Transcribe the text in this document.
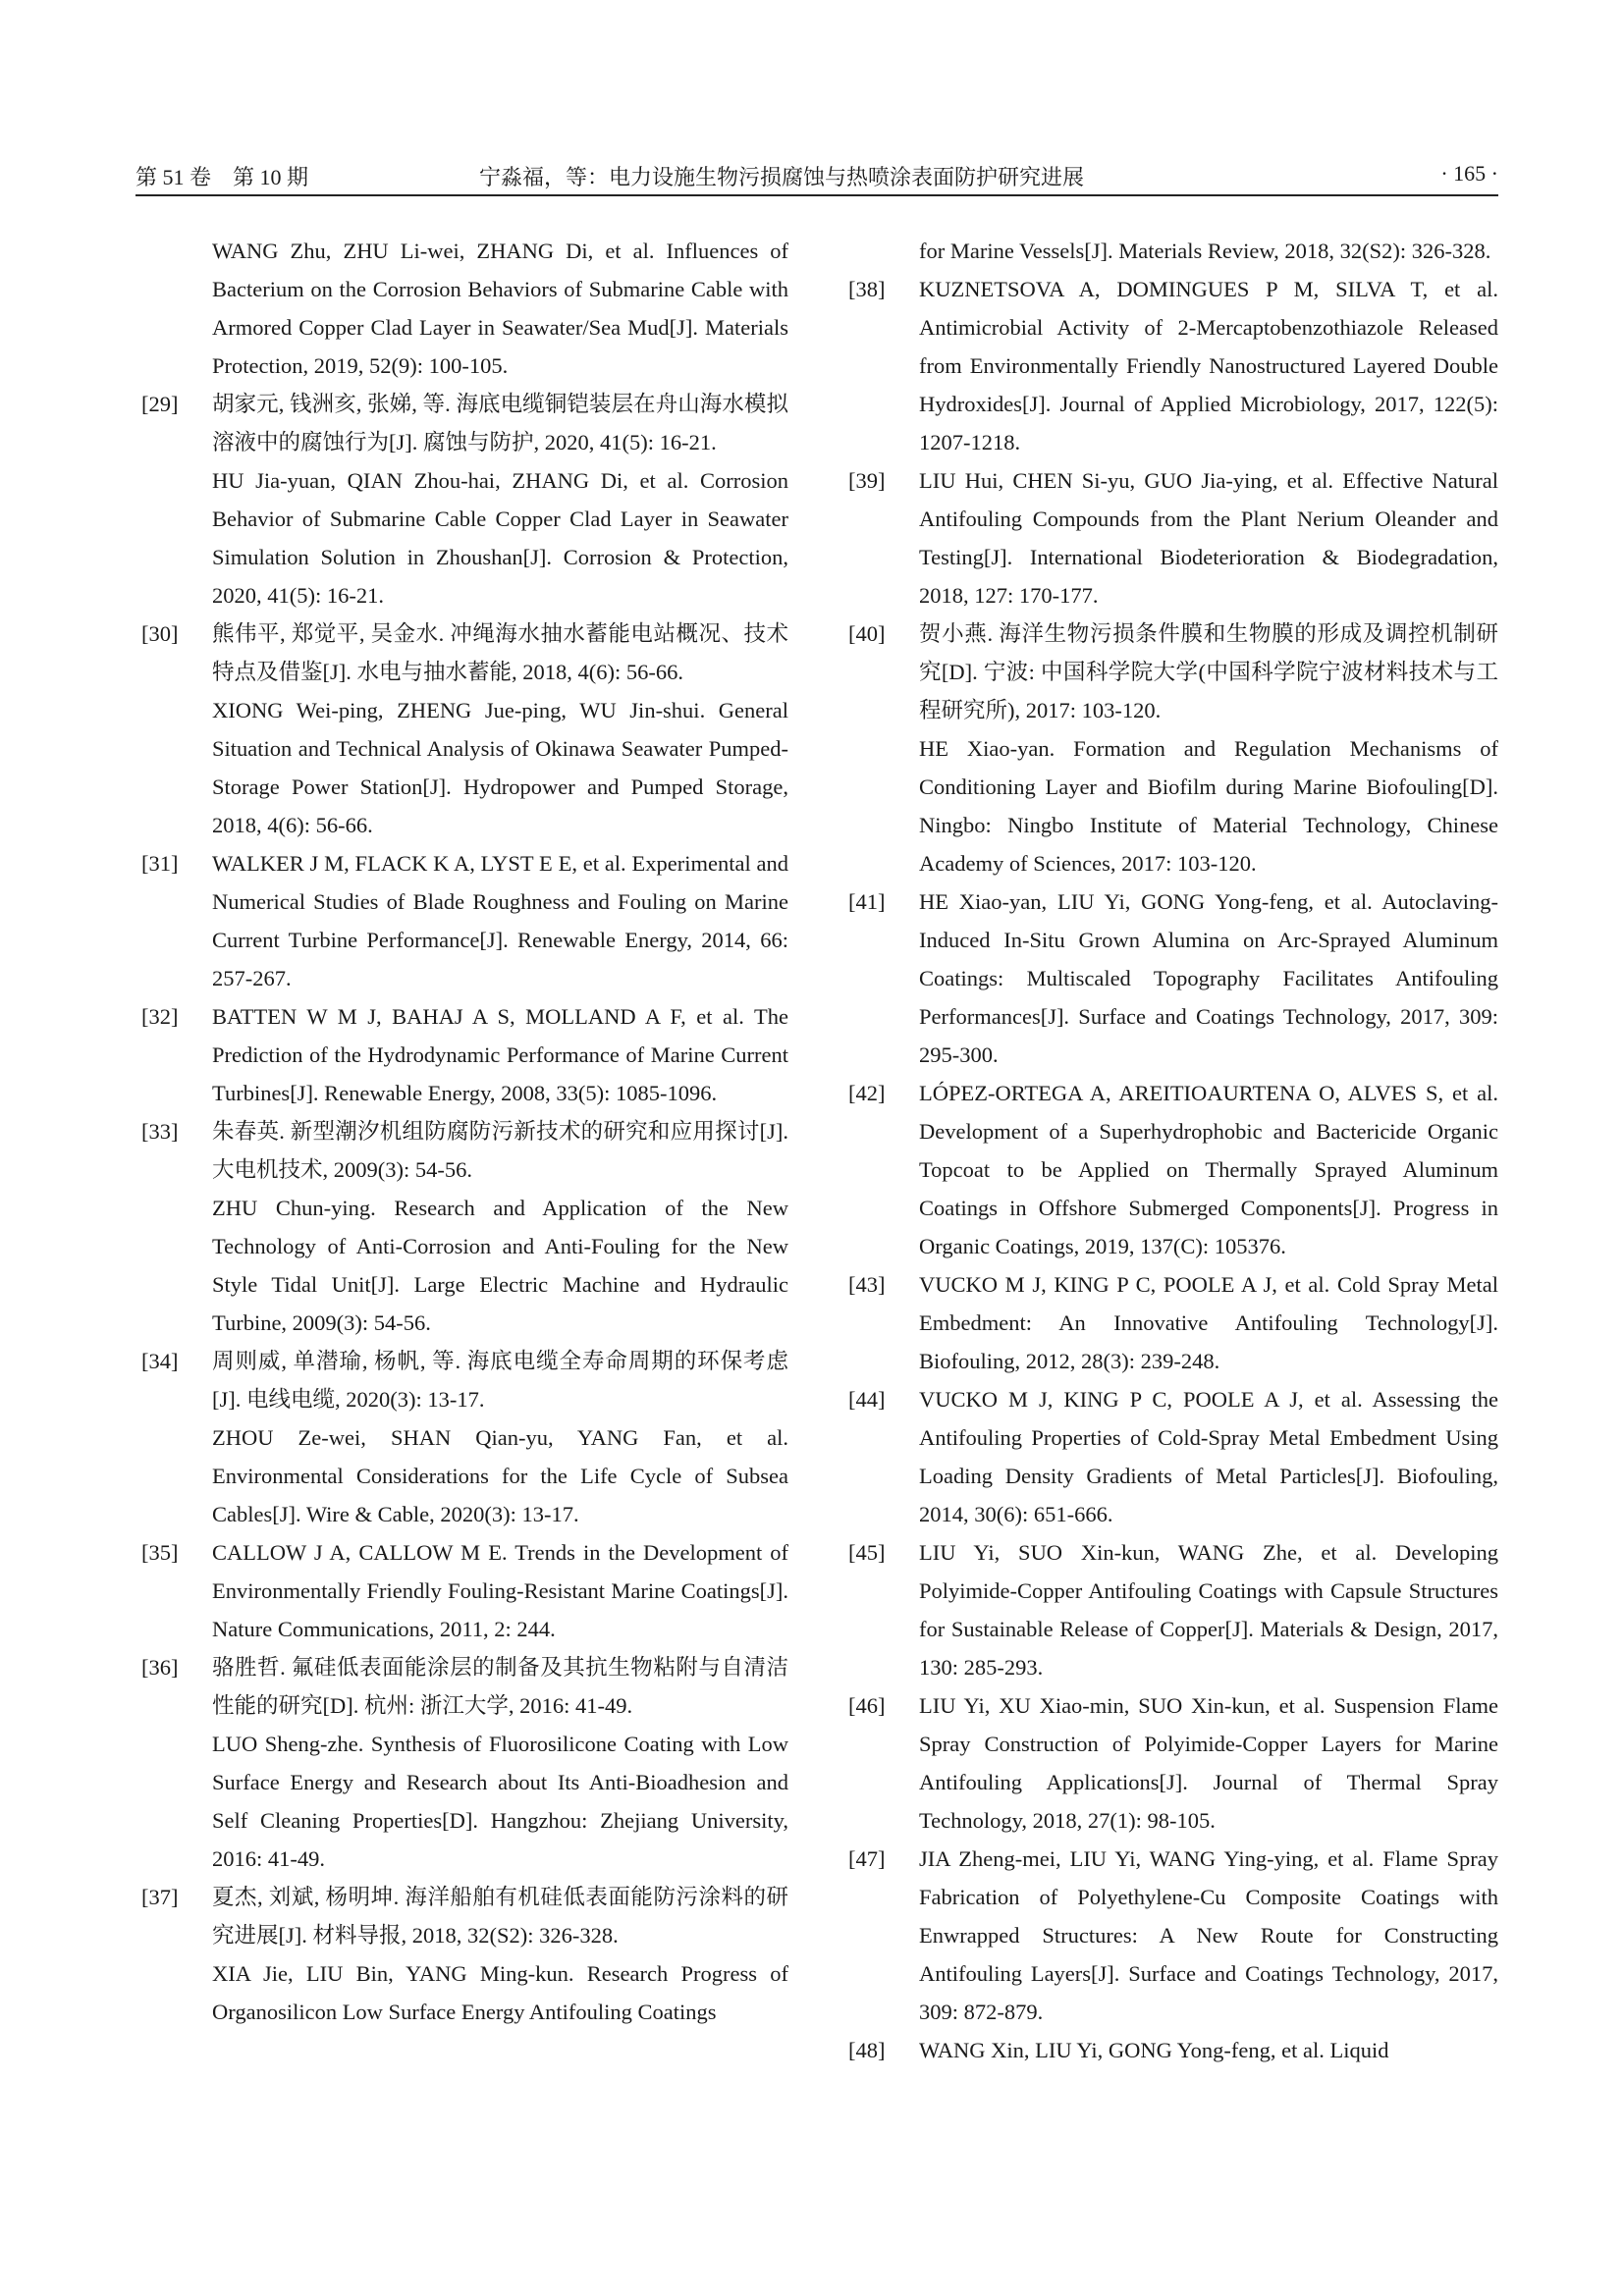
第 51 卷　第 10 期	宁淼福，等：电力设施生物污损腐蚀与热喷涂表面防护研究进展	· 165 ·

WANG Zhu, ZHU Li-wei, ZHANG Di, et al. Influences of Bacterium on the Corrosion Behaviors of Submarine Cable with Armored Copper Clad Layer in Seawater/Sea Mud[J]. Materials Protection, 2019, 52(9): 100-105.

[29] 胡家元, 钱洲亥, 张娣, 等. 海底电缆铜铠装层在舟山海水模拟溶液中的腐蚀行为[J]. 腐蚀与防护, 2020, 41(5): 16-21.

HU Jia-yuan, QIAN Zhou-hai, ZHANG Di, et al. Corrosion Behavior of Submarine Cable Copper Clad Layer in Seawater Simulation Solution in Zhoushan[J]. Corrosion & Protection, 2020, 41(5): 16-21.

[30] 熊伟平, 郑觉平, 吴金水. 冲绳海水抽水蓄能电站概况、技术特点及借鉴[J]. 水电与抽水蓄能, 2018, 4(6): 56-66.

XIONG Wei-ping, ZHENG Jue-ping, WU Jin-shui. General Situation and Technical Analysis of Okinawa Seawater Pumped-Storage Power Station[J]. Hydropower and Pumped Storage, 2018, 4(6): 56-66.

[31] WALKER J M, FLACK K A, LYST E E, et al. Experimental and Numerical Studies of Blade Roughness and Fouling on Marine Current Turbine Performance[J]. Renewable Energy, 2014, 66: 257-267.

[32] BATTEN W M J, BAHAJ A S, MOLLAND A F, et al. The Prediction of the Hydrodynamic Performance of Marine Current Turbines[J]. Renewable Energy, 2008, 33(5): 1085-1096.

[33] 朱春英. 新型潮汐机组防腐防污新技术的研究和应用探讨[J]. 大电机技术, 2009(3): 54-56.

ZHU Chun-ying. Research and Application of the New Technology of Anti-Corrosion and Anti-Fouling for the New Style Tidal Unit[J]. Large Electric Machine and Hydraulic Turbine, 2009(3): 54-56.

[34] 周则威, 单潜瑜, 杨帆, 等. 海底电缆全寿命周期的环保考虑[J]. 电线电缆, 2020(3): 13-17.

ZHOU Ze-wei, SHAN Qian-yu, YANG Fan, et al. Environmental Considerations for the Life Cycle of Subsea Cables[J]. Wire & Cable, 2020(3): 13-17.

[35] CALLOW J A, CALLOW M E. Trends in the Development of Environmentally Friendly Fouling-Resistant Marine Coatings[J]. Nature Communications, 2011, 2: 244.

[36] 骆胜哲. 氟硅低表面能涂层的制备及其抗生物粘附与自清洁性能的研究[D]. 杭州: 浙江大学, 2016: 41-49.

LUO Sheng-zhe. Synthesis of Fluorosilicone Coating with Low Surface Energy and Research about Its Anti-Bioadhesion and Self Cleaning Properties[D]. Hangzhou: Zhejiang University, 2016: 41-49.

[37] 夏杰, 刘斌, 杨明坤. 海洋船舶有机硅低表面能防污涂料的研究进展[J]. 材料导报, 2018, 32(S2): 326-328.

XIA Jie, LIU Bin, YANG Ming-kun. Research Progress of Organosilicon Low Surface Energy Antifouling Coatings

for Marine Vessels[J]. Materials Review, 2018, 32(S2): 326-328.

[38] KUZNETSOVA A, DOMINGUES P M, SILVA T, et al. Antimicrobial Activity of 2-Mercaptobenzothiazole Released from Environmentally Friendly Nanostructured Layered Double Hydroxides[J]. Journal of Applied Microbiology, 2017, 122(5): 1207-1218.

[39] LIU Hui, CHEN Si-yu, GUO Jia-ying, et al. Effective Natural Antifouling Compounds from the Plant Nerium Oleander and Testing[J]. International Biodeterioration & Biodegradation, 2018, 127: 170-177.

[40] 贺小燕. 海洋生物污损条件膜和生物膜的形成及调控机制研究[D]. 宁波: 中国科学院大学(中国科学院宁波材料技术与工程研究所), 2017: 103-120.

HE Xiao-yan. Formation and Regulation Mechanisms of Conditioning Layer and Biofilm during Marine Biofouling[D]. Ningbo: Ningbo Institute of Material Technology, Chinese Academy of Sciences, 2017: 103-120.

[41] HE Xiao-yan, LIU Yi, GONG Yong-feng, et al. Autoclaving-Induced In-Situ Grown Alumina on Arc-Sprayed Aluminum Coatings: Multiscaled Topography Facilitates Antifouling Performances[J]. Surface and Coatings Technology, 2017, 309: 295-300.

[42] LÓPEZ-ORTEGA A, AREITIOAURTENA O, ALVES S, et al. Development of a Superhydrophobic and Bactericide Organic Topcoat to be Applied on Thermally Sprayed Aluminum Coatings in Offshore Submerged Components[J]. Progress in Organic Coatings, 2019, 137(C): 105376.

[43] VUCKO M J, KING P C, POOLE A J, et al. Cold Spray Metal Embedment: An Innovative Antifouling Technology[J]. Biofouling, 2012, 28(3): 239-248.

[44] VUCKO M J, KING P C, POOLE A J, et al. Assessing the Antifouling Properties of Cold-Spray Metal Embedment Using Loading Density Gradients of Metal Particles[J]. Biofouling, 2014, 30(6): 651-666.

[45] LIU Yi, SUO Xin-kun, WANG Zhe, et al. Developing Polyimide-Copper Antifouling Coatings with Capsule Structures for Sustainable Release of Copper[J]. Materials & Design, 2017, 130: 285-293.

[46] LIU Yi, XU Xiao-min, SUO Xin-kun, et al. Suspension Flame Spray Construction of Polyimide-Copper Layers for Marine Antifouling Applications[J]. Journal of Thermal Spray Technology, 2018, 27(1): 98-105.

[47] JIA Zheng-mei, LIU Yi, WANG Ying-ying, et al. Flame Spray Fabrication of Polyethylene-Cu Composite Coatings with Enwrapped Structures: A New Route for Constructing Antifouling Layers[J]. Surface and Coatings Technology, 2017, 309: 872-879.

[48] WANG Xin, LIU Yi, GONG Yong-feng, et al. Liquid
